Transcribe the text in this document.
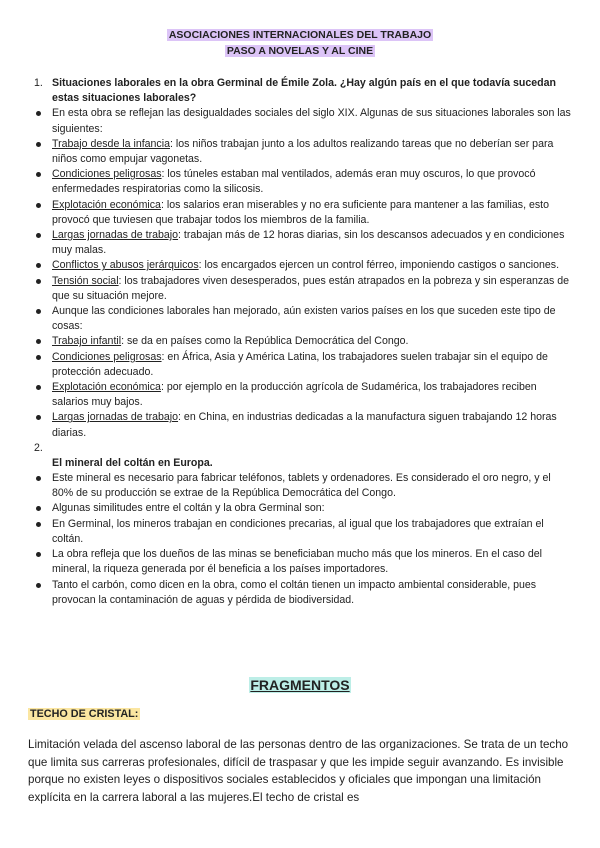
ASOCIACIONES INTERNACIONALES DEL TRABAJO
PASO A NOVELAS Y AL CINE
1. Situaciones laborales en la obra Germinal de Émile Zola. ¿Hay algún país en el que todavía sucedan estas situaciones laborales?
En esta obra se reflejan las desigualdades sociales del siglo XIX. Algunas de sus situaciones laborales son las siguientes:
Trabajo desde la infancia: los niños trabajan junto a los adultos realizando tareas que no deberían ser para niños como empujar vagonetas.
Condiciones peligrosas: los túneles estaban mal ventilados, además eran muy oscuros, lo que provocó enfermedades respiratorias como la silicosis.
Explotación económica: los salarios eran miserables y no era suficiente para mantener a las familias, esto provocó que tuviesen que trabajar todos los miembros de la familia.
Largas jornadas de trabajo: trabajan más de 12 horas diarias, sin los descansos adecuados y en condiciones muy malas.
Conflictos y abusos jerárquicos: los encargados ejercen un control férreo, imponiendo castigos o sanciones.
Tensión social: los trabajadores viven desesperados, pues están atrapados en la pobreza y sin esperanzas de que su situación mejore.
Aunque las condiciones laborales han mejorado, aún existen varios países en los que suceden este tipo de cosas:
Trabajo infantil: se da en países como la República Democrática del Congo.
Condiciones peligrosas: en África, Asia y América Latina, los trabajadores suelen trabajar sin el equipo de protección adecuado.
Explotación económica: por ejemplo en la producción agrícola de Sudamérica, los trabajadores reciben salarios muy bajos.
Largas jornadas de trabajo: en China, en industrias dedicadas a la manufactura siguen trabajando 12 horas diarias.
2.
El mineral del coltán en Europa.
Este mineral es necesario para fabricar teléfonos, tablets y ordenadores. Es considerado el oro negro, y el 80% de su producción se extrae de la República Democrática del Congo.
Algunas similitudes entre el coltán y la obra Germinal son:
En Germinal, los mineros trabajan en condiciones precarias, al igual que los trabajadores que extraían el coltán.
La obra refleja que los dueños de las minas se beneficiaban mucho más que los mineros. En el caso del mineral, la riqueza generada por él beneficia a los países importadores.
Tanto el carbón, como dicen en la obra, como el coltán tienen un impacto ambiental considerable, pues provocan la contaminación de aguas y pérdida de biodiversidad.
FRAGMENTOS
TECHO DE CRISTAL:
Limitación velada del ascenso laboral de las personas dentro de las organizaciones. Se trata de un techo que limita sus carreras profesionales, difícil de traspasar y que les impide seguir avanzando. Es invisible porque no existen leyes o dispositivos sociales establecidos y oficiales que impongan una limitación explícita en la carrera laboral a las mujeres.El techo de cristal es
